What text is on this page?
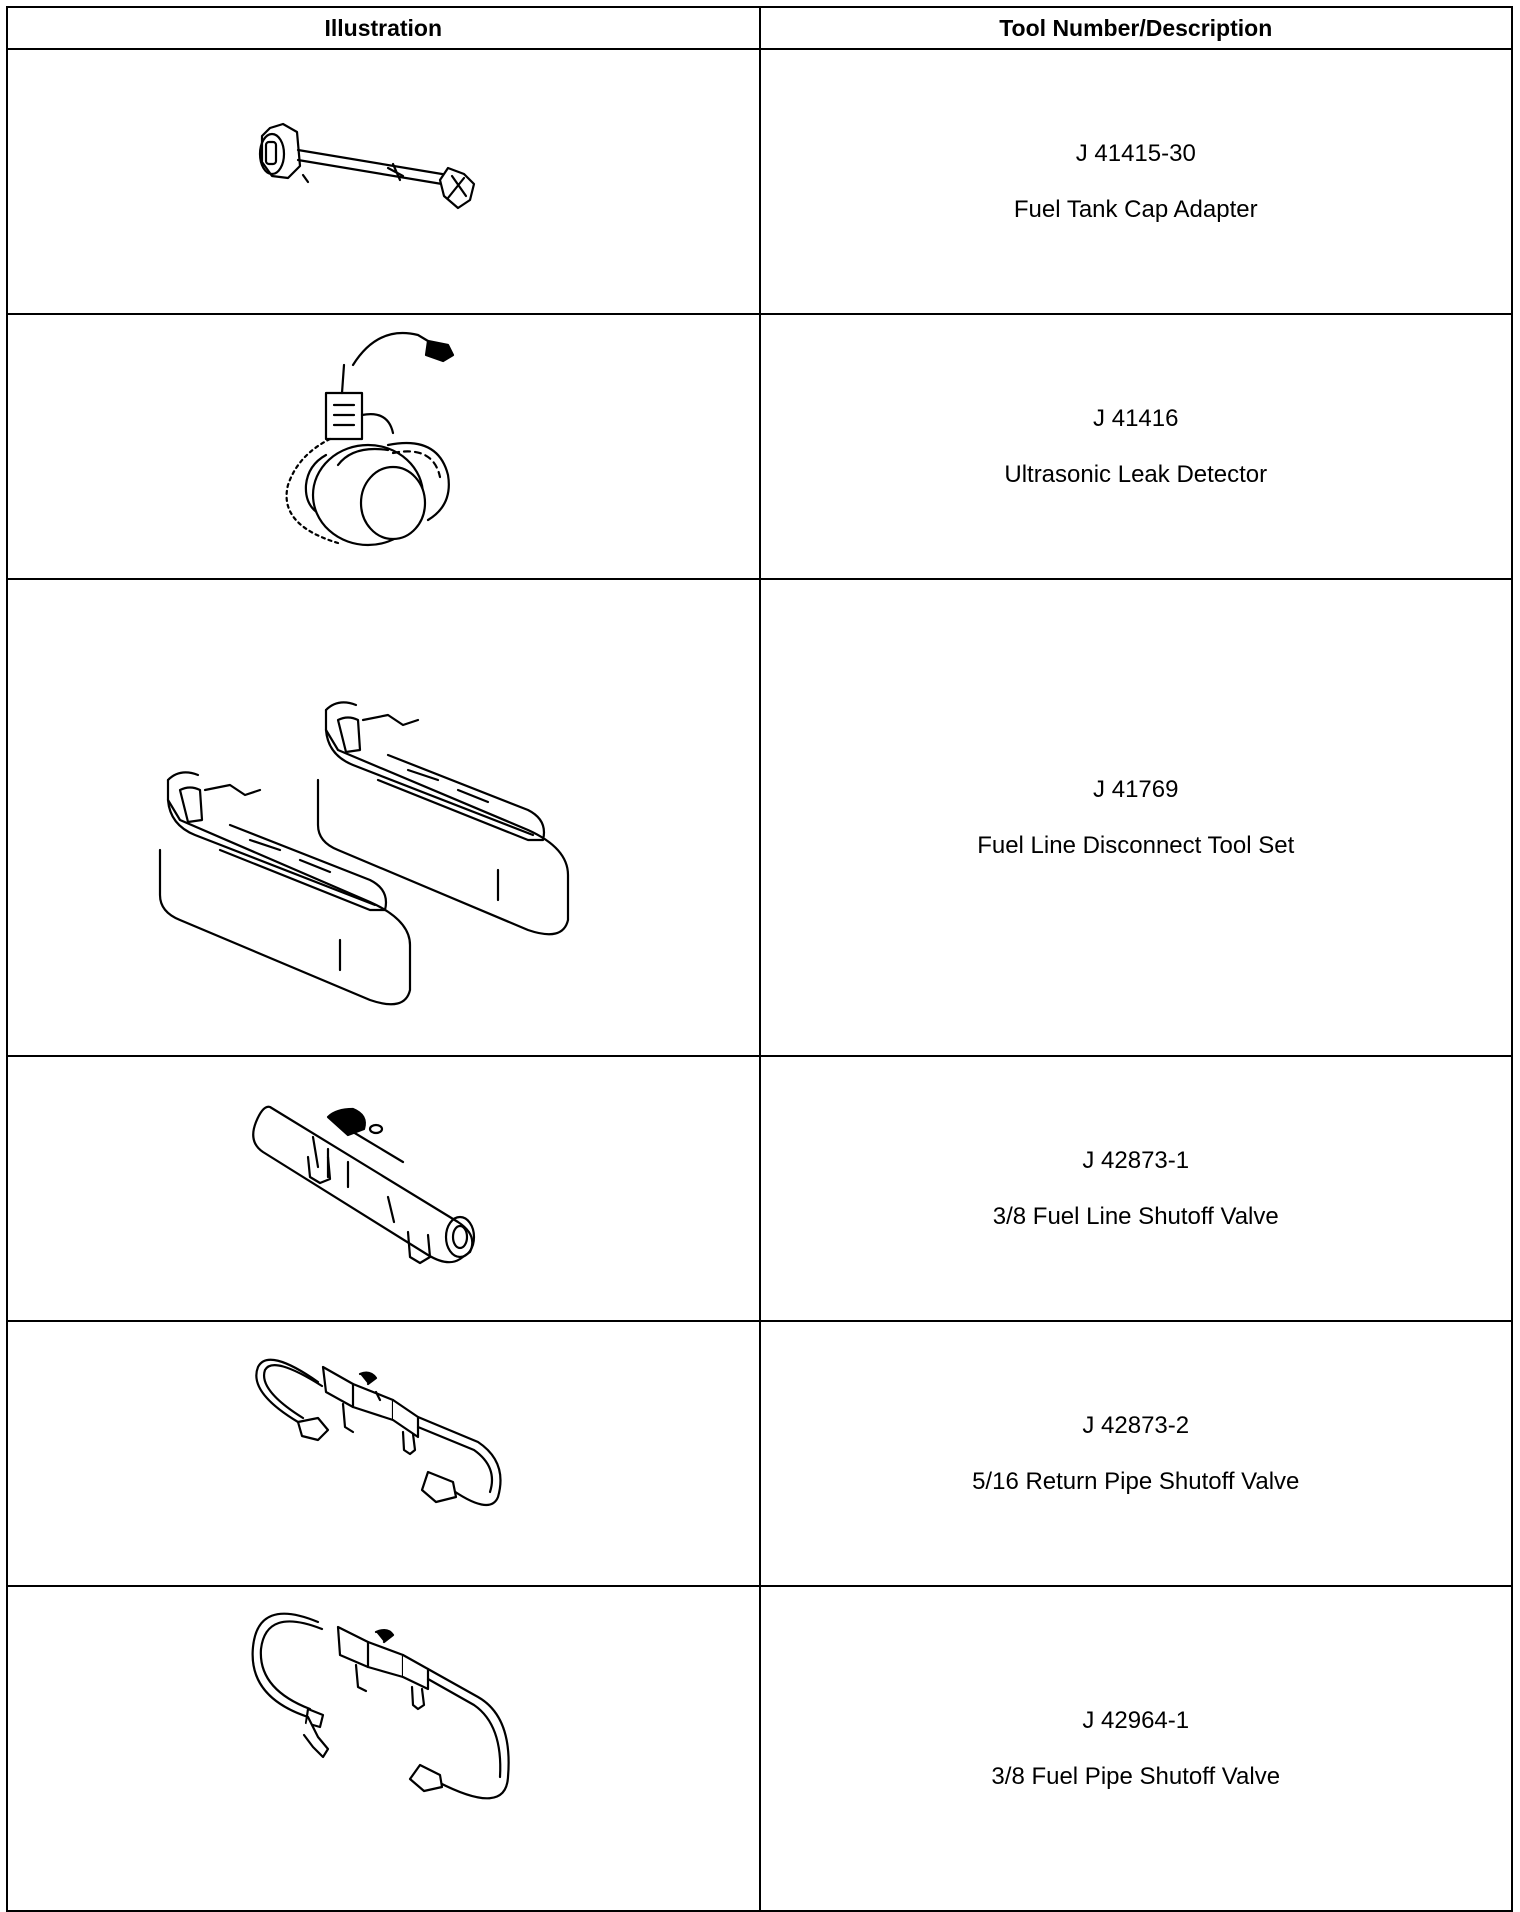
Illustration	Tool Number/Description

J 41415-30
Fuel Tank Cap Adapter

J 41416
Ultrasonic Leak Detector

J 41769
Fuel Line Disconnect Tool Set

J 42873-1
3/8 Fuel Line Shutoff Valve

J 42873-2
5/16 Return Pipe Shutoff Valve

J 42964-1
3/8 Fuel Pipe Shutoff Valve
